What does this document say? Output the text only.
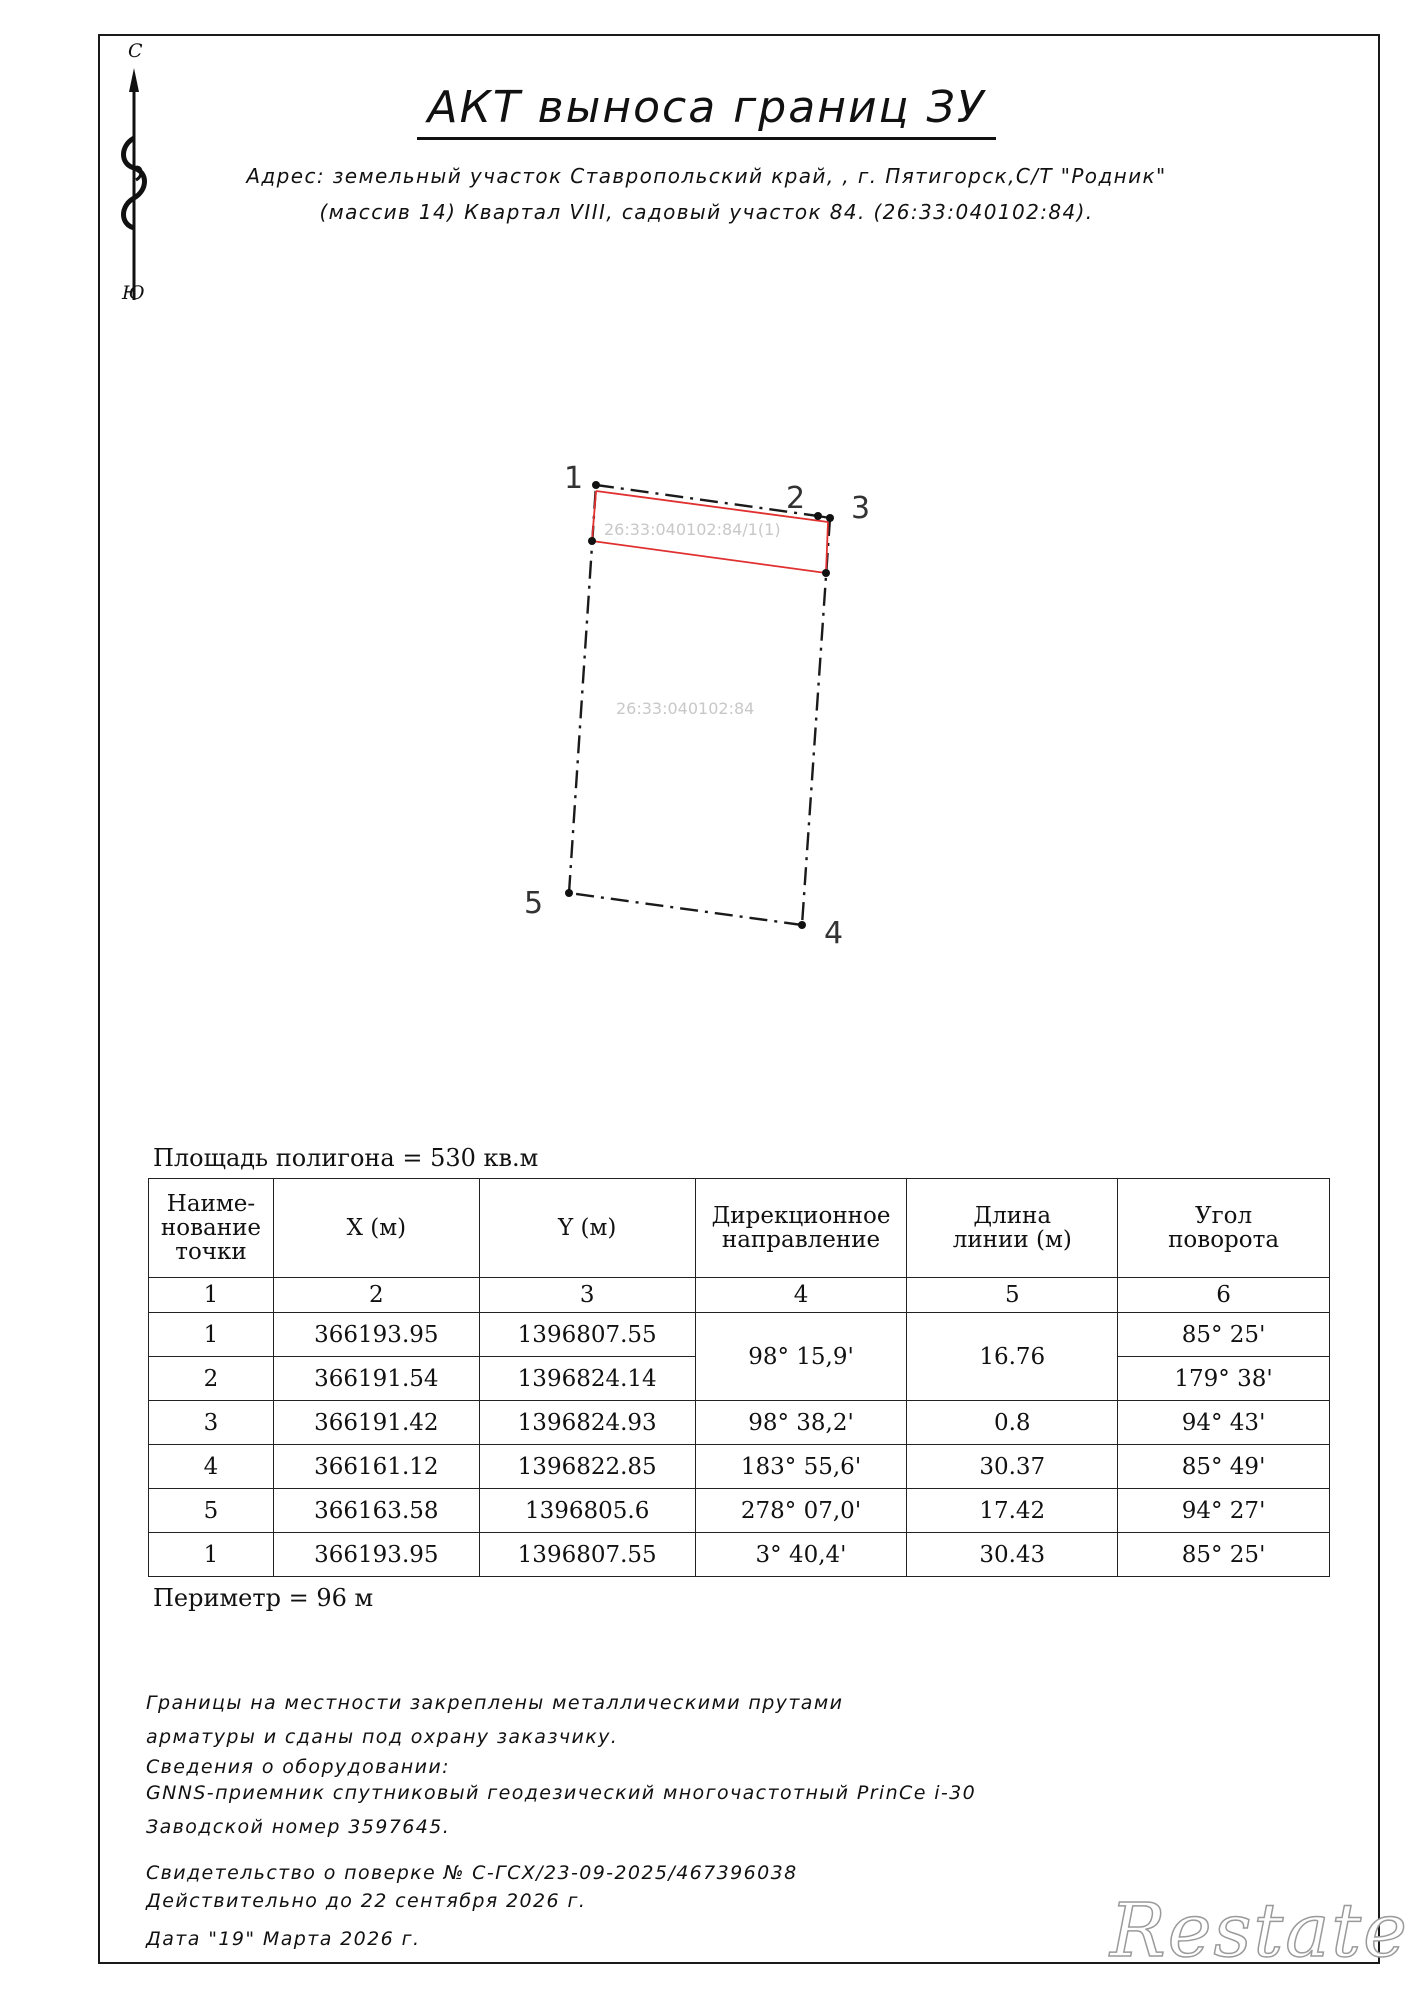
С
Ю
АКТ выноса границ ЗУ
Адрес: земельный участок Ставропольский край, , г. Пятигорск,С/Т "Родник"
(массив 14) Квартал VIII, садовый участок 84. (26:33:040102:84).
1
2 3
4
5
26:33:040102:84/1(1)
26:33:040102:84
Площадь полигона = 530 кв.м
Наиме- нование точки	X (м)	Y (м)	Дирекционное направление	Длина линии (м)	Угол поворота
1	2	3	4	5	6
1	366193.95	1396807.55	98° 15,9'	16.76	85° 25'
2	366191.54	1396824.14			179° 38'
3	366191.42	1396824.93	98° 38,2'	0.8	94° 43'
4	366161.12	1396822.85	183° 55,6'	30.37	85° 49'
5	366163.58	1396805.6	278° 07,0'	17.42	94° 27'
1	366193.95	1396807.55	3° 40,4'	30.43	85° 25'
Периметр = 96 м
Границы на местности закреплены металлическими прутами
арматуры и сданы под охрану заказчику.
Сведения о оборудовании:
GNNS-приемник спутниковый геодезический многочастотный PrinCe i-30
Заводской номер 3597645.
Свидетельство о поверке № С-ГСХ/23-09-2025/467396038
Действительно до 22 сентября 2026 г.
Дата "19" Марта 2026 г.	Restate
